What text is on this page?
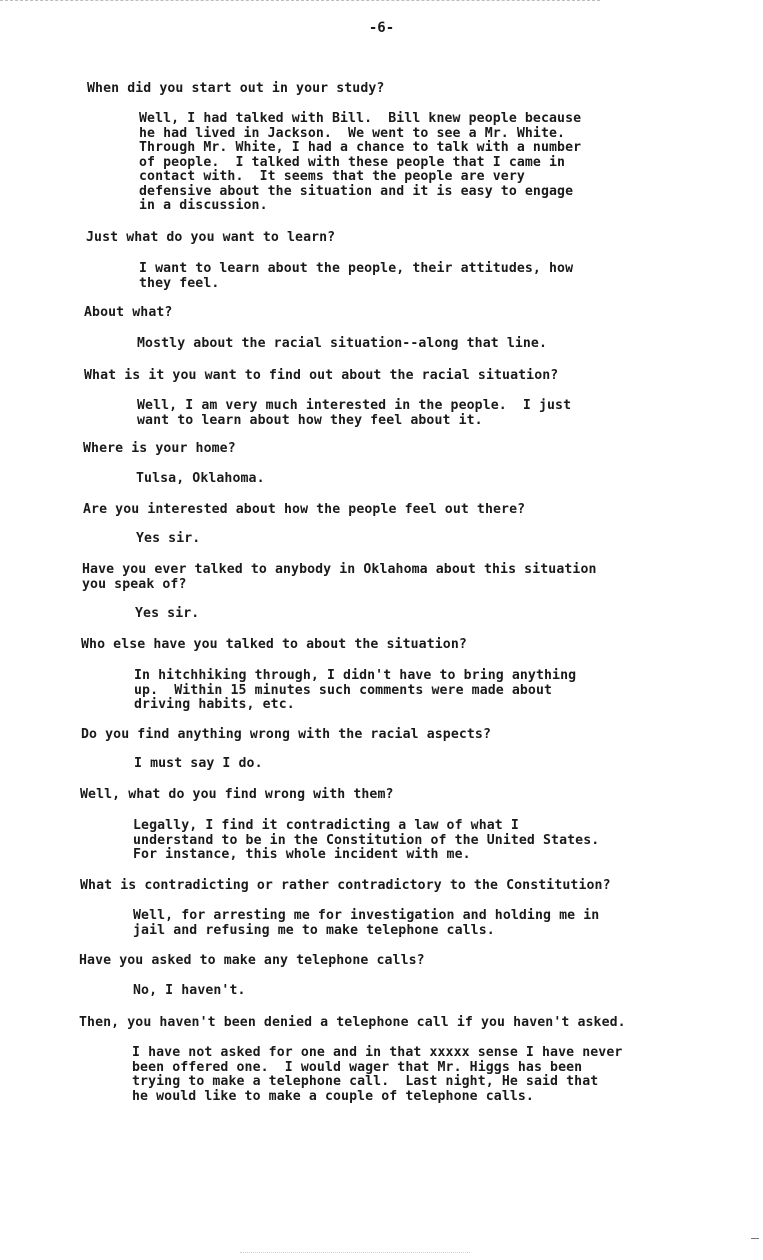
-6-

When did you start out in your study?

Well, I had talked with Bill.  Bill knew people because
he had lived in Jackson.  We went to see a Mr. White.
Through Mr. White, I had a chance to talk with a number
of people.  I talked with these people that I came in
contact with.  It seems that the people are very
defensive about the situation and it is easy to engage
in a discussion.

Just what do you want to learn?

I want to learn about the people, their attitudes, how
they feel.

About what?

Mostly about the racial situation--along that line.

What is it you want to find out about the racial situation?

Well, I am very much interested in the people.  I just
want to learn about how they feel about it.

Where is your home?

Tulsa, Oklahoma.

Are you interested about how the people feel out there?

Yes sir.

Have you ever talked to anybody in Oklahoma about this situation
you speak of?

Yes sir.

Who else have you talked to about the situation?

In hitchhiking through, I didn't have to bring anything
up.  Within 15 minutes such comments were made about
driving habits, etc.

Do you find anything wrong with the racial aspects?

I must say I do.

Well, what do you find wrong with them?

Legally, I find it contradicting a law of what I
understand to be in the Constitution of the United States.
For instance, this whole incident with me.

What is contradicting or rather contradictory to the Constitution?

Well, for arresting me for investigation and holding me in
jail and refusing me to make telephone calls.

Have you asked to make any telephone calls?

No, I haven't.

Then, you haven't been denied a telephone call if you haven't asked.

I have not asked for one and in that xxxxx sense I have never
been offered one.  I would wager that Mr. Higgs has been
trying to make a telephone call.  Last night, He said that
he would like to make a couple of telephone calls.
